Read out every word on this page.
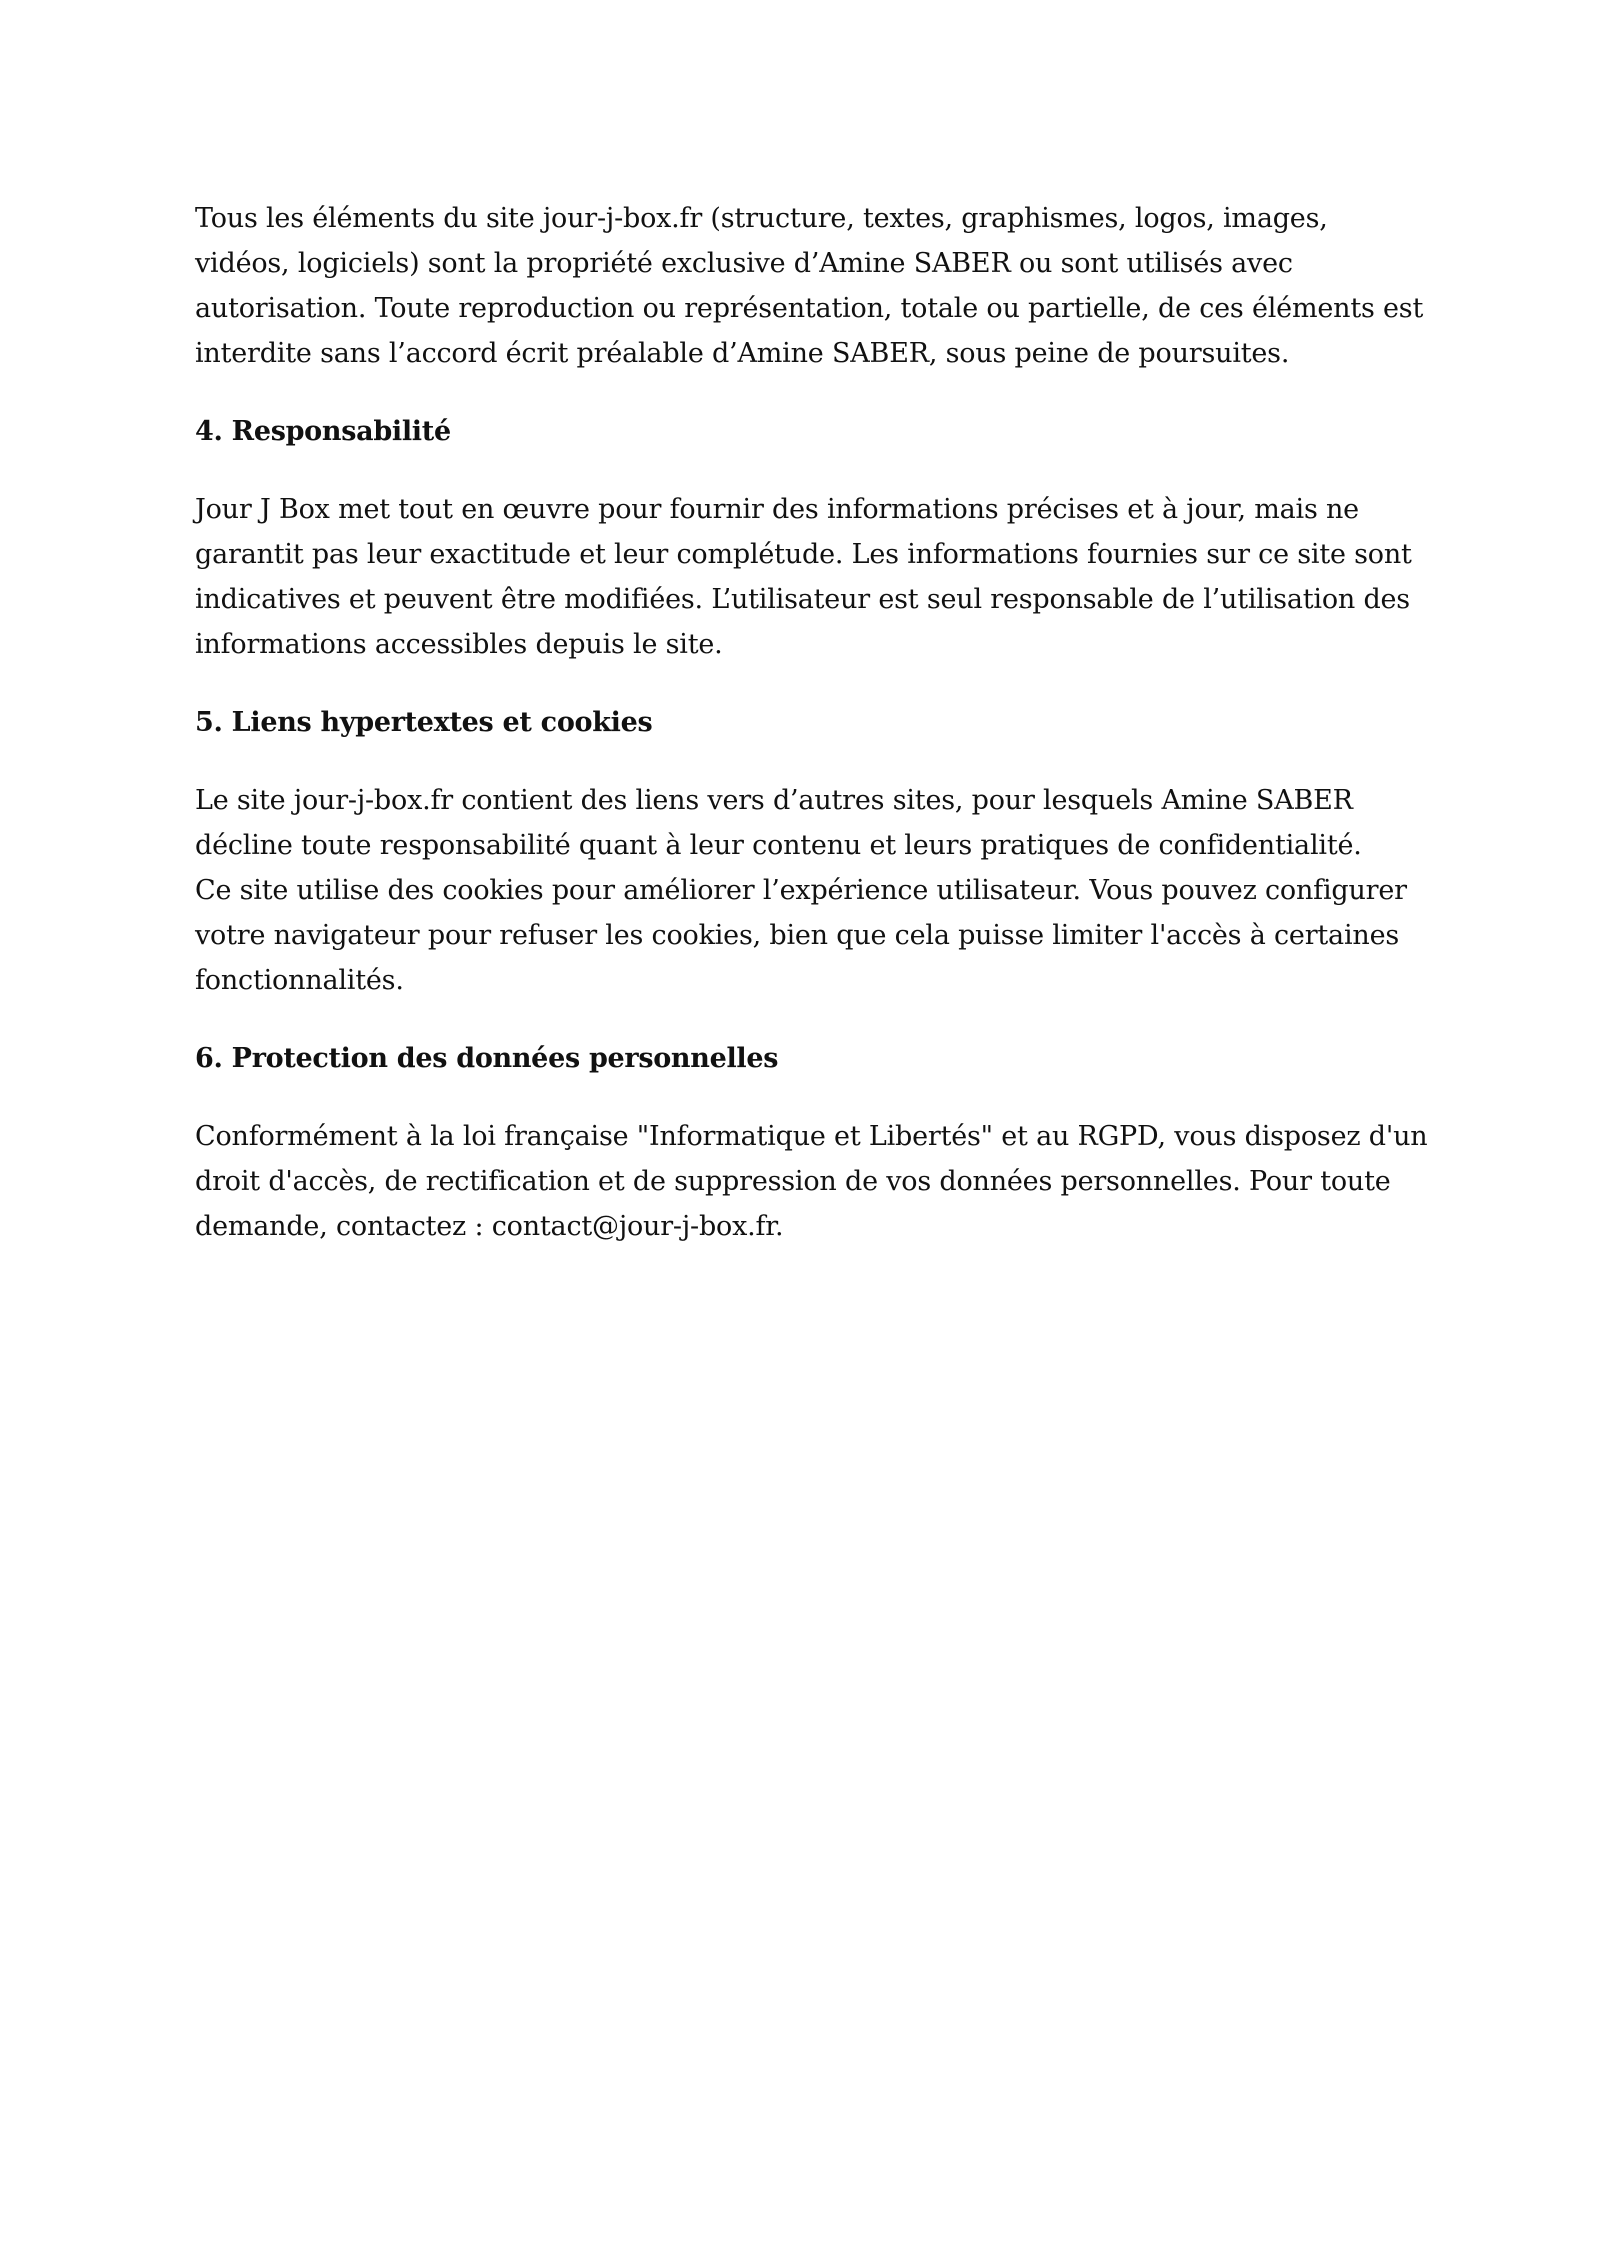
Tous les éléments du site jour-j-box.fr (structure, textes, graphismes, logos, images,
vidéos, logiciels) sont la propriété exclusive d’Amine SABER ou sont utilisés avec
autorisation. Toute reproduction ou représentation, totale ou partielle, de ces éléments est
interdite sans l’accord écrit préalable d’Amine SABER, sous peine de poursuites.

4. Responsabilité

Jour J Box met tout en œuvre pour fournir des informations précises et à jour, mais ne
garantit pas leur exactitude et leur complétude. Les informations fournies sur ce site sont
indicatives et peuvent être modifiées. L’utilisateur est seul responsable de l’utilisation des
informations accessibles depuis le site.

5. Liens hypertextes et cookies

Le site jour-j-box.fr contient des liens vers d’autres sites, pour lesquels Amine SABER
décline toute responsabilité quant à leur contenu et leurs pratiques de confidentialité.
Ce site utilise des cookies pour améliorer l’expérience utilisateur. Vous pouvez configurer
votre navigateur pour refuser les cookies, bien que cela puisse limiter l'accès à certaines
fonctionnalités.

6. Protection des données personnelles

Conformément à la loi française "Informatique et Libertés" et au RGPD, vous disposez d'un
droit d'accès, de rectification et de suppression de vos données personnelles. Pour toute
demande, contactez : contact@jour-j-box.fr.
